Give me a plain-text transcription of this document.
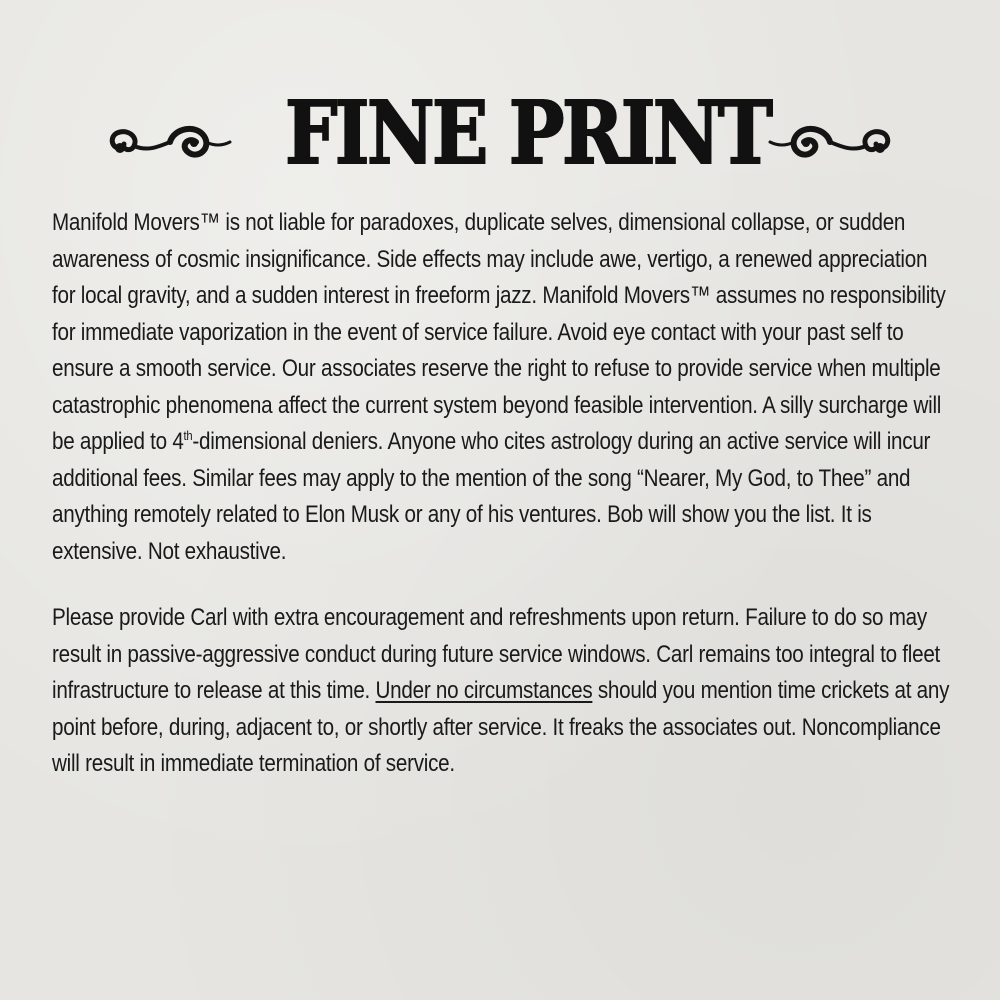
FINE PRINT

Manifold Movers™ is not liable for paradoxes, duplicate selves, dimensional collapse, or sudden awareness of cosmic insignificance. Side effects may include awe, vertigo, a renewed appreciation for local gravity, and a sudden interest in freeform jazz. Manifold Movers™ assumes no responsibility for immediate vaporization in the event of service failure. Avoid eye contact with your past self to ensure a smooth service. Our associates reserve the right to refuse to provide service when multiple catastrophic phenomena affect the current system beyond feasible intervention. A silly surcharge will be applied to 4th-dimensional deniers. Anyone who cites astrology during an active service will incur additional fees. Similar fees may apply to the mention of the song “Nearer, My God, to Thee” and anything remotely related to Elon Musk or any of his ventures. Bob will show you the list. It is extensive. Not exhaustive.

Please provide Carl with extra encouragement and refreshments upon return. Failure to do so may result in passive-aggressive conduct during future service windows. Carl remains too integral to fleet infrastructure to release at this time. Under no circumstances should you mention time crickets at any point before, during, adjacent to, or shortly after service. It freaks the associates out. Noncompliance will result in immediate termination of service.
